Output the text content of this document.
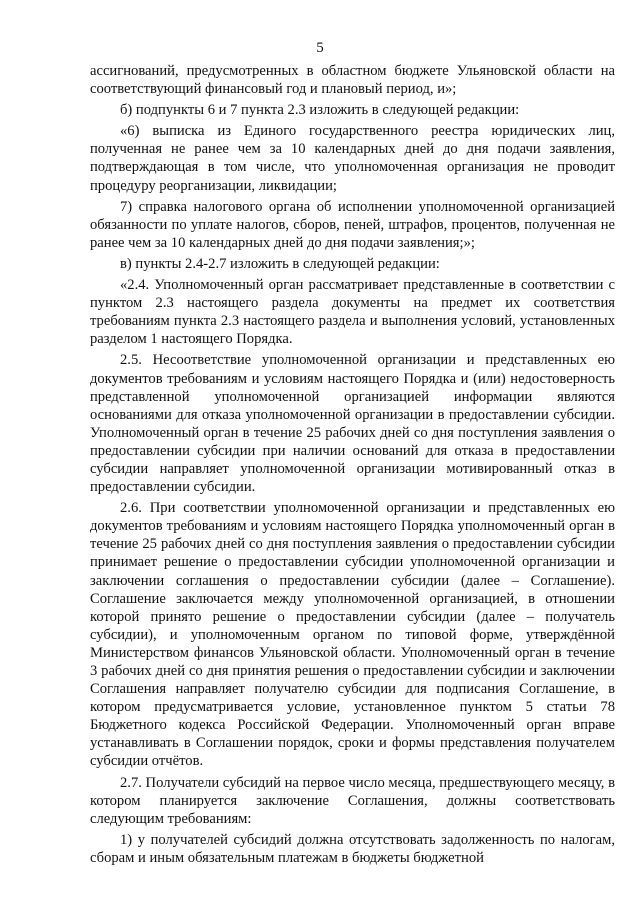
5

ассигнований, предусмотренных в областном бюджете Ульяновской области на соответствующий финансовый год и плановый период, и»;

б) подпункты 6 и 7 пункта 2.3 изложить в следующей редакции:

«6) выписка из Единого государственного реестра юридических лиц, полученная не ранее чем за 10 календарных дней до дня подачи заявления, подтверждающая в том числе, что уполномоченная организация не проводит процедуру реорганизации, ликвидации;

7) справка налогового органа об исполнении уполномоченной организацией обязанности по уплате налогов, сборов, пеней, штрафов, процентов, полученная не ранее чем за 10 календарных дней до дня подачи заявления;»;

в) пункты 2.4-2.7 изложить в следующей редакции:

«2.4. Уполномоченный орган рассматривает представленные в соответствии с пунктом 2.3 настоящего раздела документы на предмет их соответствия требованиям пункта 2.3 настоящего раздела и выполнения условий, установленных разделом 1 настоящего Порядка.

2.5. Несоответствие уполномоченной организации и представленных ею документов требованиям и условиям настоящего Порядка и (или) недостоверность представленной уполномоченной организацией информации являются основаниями для отказа уполномоченной организации в предоставлении субсидии. Уполномоченный орган в течение 25 рабочих дней со дня поступления заявления о предоставлении субсидии при наличии оснований для отказа в предоставлении субсидии направляет уполномоченной организации мотивированный отказ в предоставлении субсидии.

2.6. При соответствии уполномоченной организации и представленных ею документов требованиям и условиям настоящего Порядка уполномоченный орган в течение 25 рабочих дней со дня поступления заявления о предоставлении субсидии принимает решение о предоставлении субсидии уполномоченной организации и заключении соглашения о предоставлении субсидии (далее – Соглашение). Соглашение заключается между уполномоченной организацией, в отношении которой принято решение о предоставлении субсидии (далее – получатель субсидии), и уполномоченным органом по типовой форме, утверждённой Министерством финансов Ульяновской области. Уполномоченный орган в течение 3 рабочих дней со дня принятия решения о предоставлении субсидии и заключении Соглашения направляет получателю субсидии для подписания Соглашение, в котором предусматривается условие, установленное пунктом 5 статьи 78 Бюджетного кодекса Российской Федерации. Уполномоченный орган вправе устанавливать в Соглашении порядок, сроки и формы представления получателем субсидии отчётов.

2.7. Получатели субсидий на первое число месяца, предшествующего месяцу, в котором планируется заключение Соглашения, должны соответствовать следующим требованиям:

1) у получателей субсидий должна отсутствовать задолженность по налогам, сборам и иным обязательным платежам в бюджеты бюджетной
